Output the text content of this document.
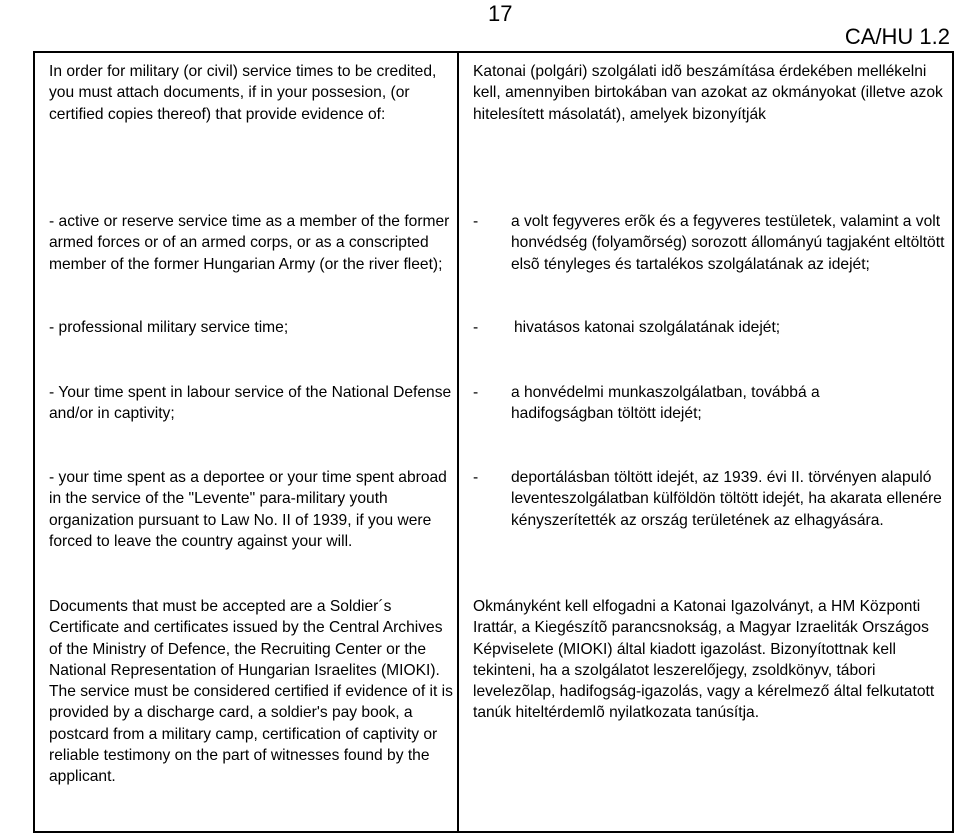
17
CA/HU 1.2

In order for military (or civil) service times to be credited, you must attach documents, if in your possesion, (or certified copies thereof) that provide evidence of:

- active or reserve service time as a member of the former armed forces or of an armed corps, or as a conscripted member of the former Hungarian Army (or the river fleet);

- professional military service time;

- Your time spent in labour service of the National Defense and/or in captivity;

- your time spent as a deportee or your time spent abroad in the service of the "Levente" para-military youth organization pursuant to Law No. II of 1939, if you were forced to leave the country against your will.

Documents that must be accepted are a Soldier´s Certificate and certificates issued by the Central Archives of the Ministry of Defence, the Recruiting Center or the National Representation of Hungarian Israelites (MIOKI). The service must be considered certified if evidence of it is provided by a discharge card, a soldier's pay book, a postcard from a military camp, certification of captivity or reliable testimony on the part of witnesses found by the applicant.

Katonai (polgári) szolgálati idõ beszámítása érdekében mellékelni kell, amennyiben birtokában van azokat az okmányokat (illetve azok hitelesített másolatát), amelyek bizonyítják

- a volt fegyveres erõk és a fegyveres testületek, valamint a volt honvédség (folyamõrség) sorozott állományú tagjaként eltöltött elsõ tényleges és tartalékos szolgálatának az idejét;
- hivatásos katonai szolgálatának idejét;
- a honvédelmi munkaszolgálatban, továbbá a hadifogságban töltött idejét;
- deportálásban töltött idejét, az 1939. évi II. törvényen alapuló leventeszolgálatban külföldön töltött idejét, ha akarata ellenére kényszerítették az ország területének az elhagyására.

Okmányként kell elfogadni a Katonai Igazolványt, a HM Központi Irattár, a Kiegészítõ parancsnokság, a Magyar Izraeliták Országos Képviselete (MIOKI) által kiadott igazolást. Bizonyítottnak kell tekinteni, ha a szolgálatot leszerelőjegy, zsoldkönyv, tábori levelezõlap, hadifogság-igazolás, vagy a kérelmező által felkutatott tanúk hiteltérdemlõ nyilatkozata tanúsítja.
